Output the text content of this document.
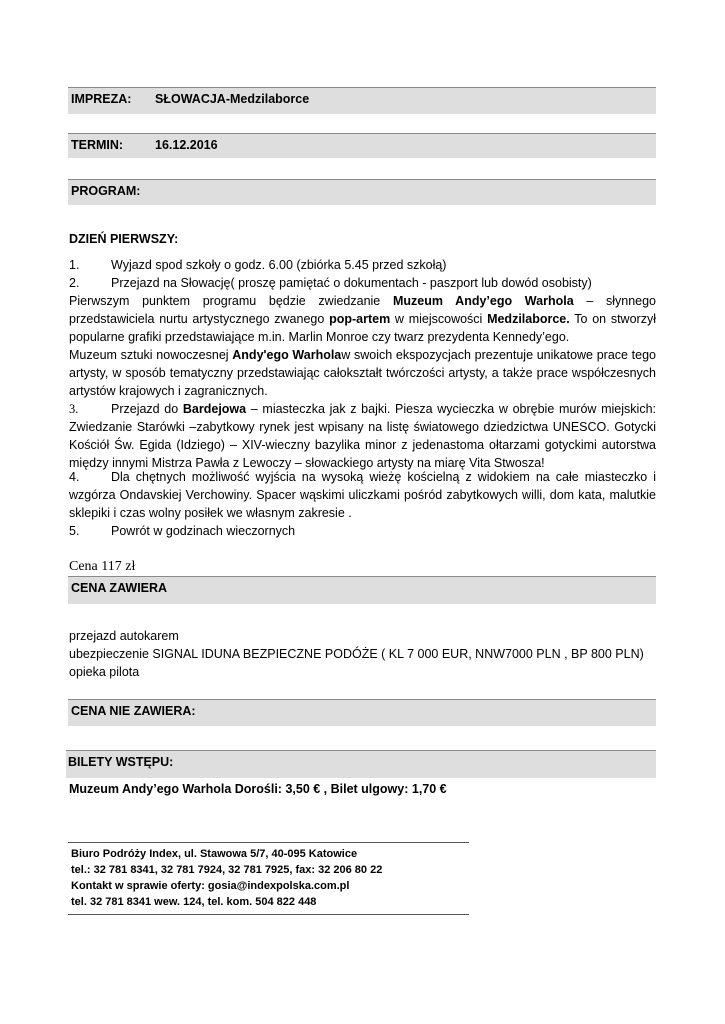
IMPREZA: SŁOWACJA-Medzilaborce
TERMIN:	16.12.2016
PROGRAM:
DZIEŃ PIERWSZY:
1.	Wyjazd spod szkoły o godz. 6.00 (zbiórka 5.45 przed szkołą)
2.	Przejazd na Słowację( proszę pamiętać o dokumentach - paszport lub dowód osobisty)
Pierwszym punktem programu będzie zwiedzanie Muzeum Andy’ego Warhola – słynnego przedstawiciela nurtu artystycznego zwanego pop-artem w miejscowości Medzilaborce. To on stworzył popularne grafiki przedstawiające m.in. Marlin Monroe czy twarz prezydenta Kennedy’ego.
Muzeum sztuki nowoczesnej Andy'ego Warholaw swoich ekspozycjach prezentuje unikatowe prace tego artysty, w sposób tematyczny przedstawiając całokształt twórczości artysty, a także prace współczesnych artystów krajowych i zagranicznych.
3.	Przejazd do Bardejowa – miasteczka jak z bajki. Piesza wycieczka w obrębie murów miejskich: Zwiedzanie Starówki –zabytkowy rynek jest wpisany na listę światowego dziedzictwa UNESCO. Gotycki Kościół Św. Egida (Idziego) – XIV-wieczny bazylika minor z jedenastoma ołtarzami gotyckimi autorstwa między innymi Mistrza Pawła z Lewoczy – słowackiego artysty na miarę Vita Stwosza!
4.	Dla chętnych możliwość wyjścia na wysoką wieżę kościelną z widokiem na całe miasteczko i wzgórza Ondavskiej Verchowiny. Spacer wąskimi uliczkami pośród zabytkowych willi, dom kata, malutkie sklepiki i czas wolny posiłek we własnym zakresie .
5.	Powrót w godzinach wieczornych
Cena 117 zł
CENA ZAWIERA
przejazd autokarem
ubezpieczenie SIGNAL IDUNA BEZPIECZNE PODÓŻE ( KL 7 000 EUR, NNW7000 PLN , BP 800 PLN)
opieka pilota
CENA NIE ZAWIERA:
BILETY WSTĘPU:
Muzeum Andy’ego Warhola Dorośli: 3,50 € , Bilet ulgowy: 1,70 €
Biuro Podróży Index, ul. Stawowa 5/7, 40-095 Katowice
tel.: 32 781 8341, 32 781 7924, 32 781 7925, fax: 32 206 80 22
Kontakt w sprawie oferty: gosia@indexpolska.com.pl
tel. 32 781 8341 wew. 124, tel. kom. 504 822 448
